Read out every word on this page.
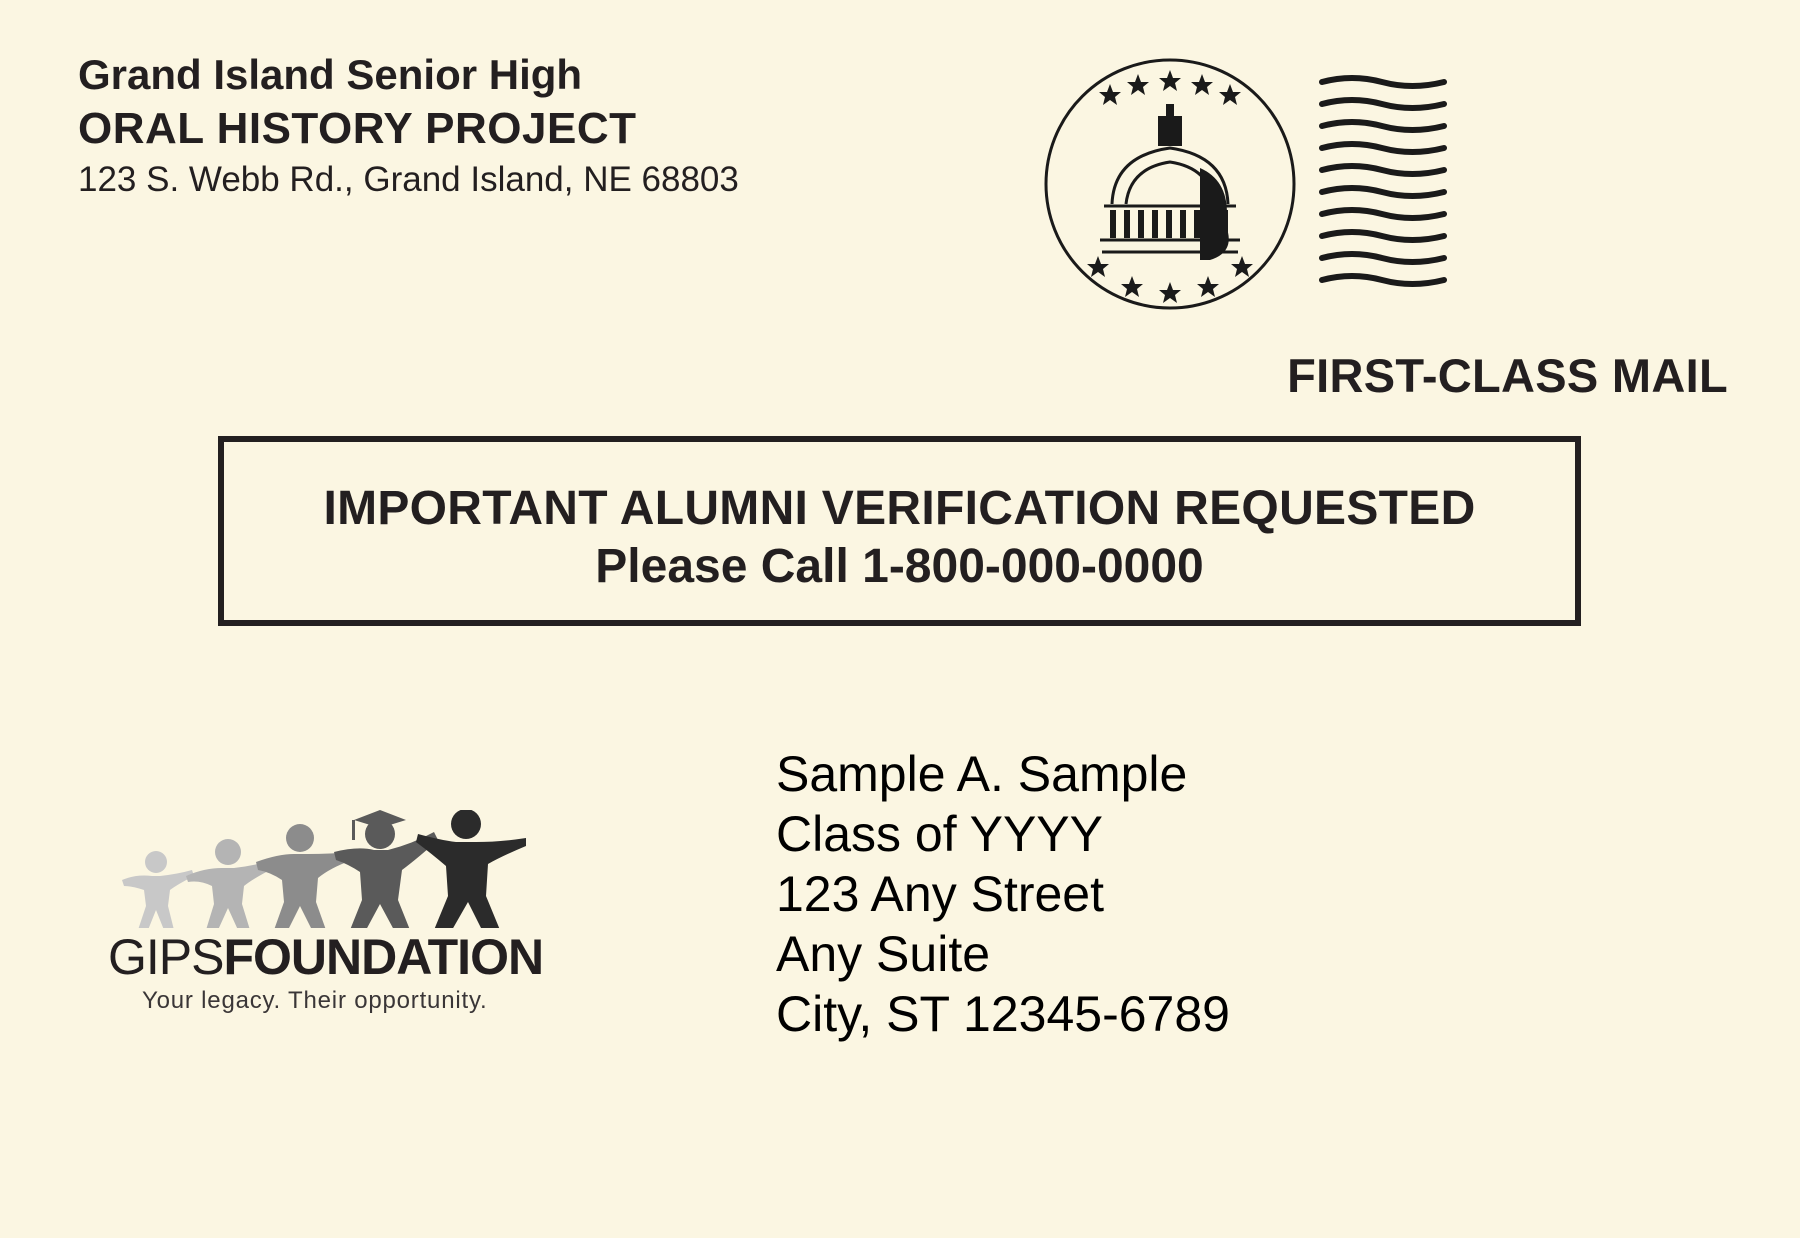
Grand Island Senior High
ORAL HISTORY PROJECT
123 S. Webb Rd., Grand Island, NE 68803
FIRST-CLASS MAIL
IMPORTANT ALUMNI VERIFICATION REQUESTED
Please Call 1-800-000-0000
GIPSFOUNDATION
Your legacy. Their opportunity.
Sample A. Sample
Class of YYYY
123 Any Street
Any Suite
City, ST 12345-6789
